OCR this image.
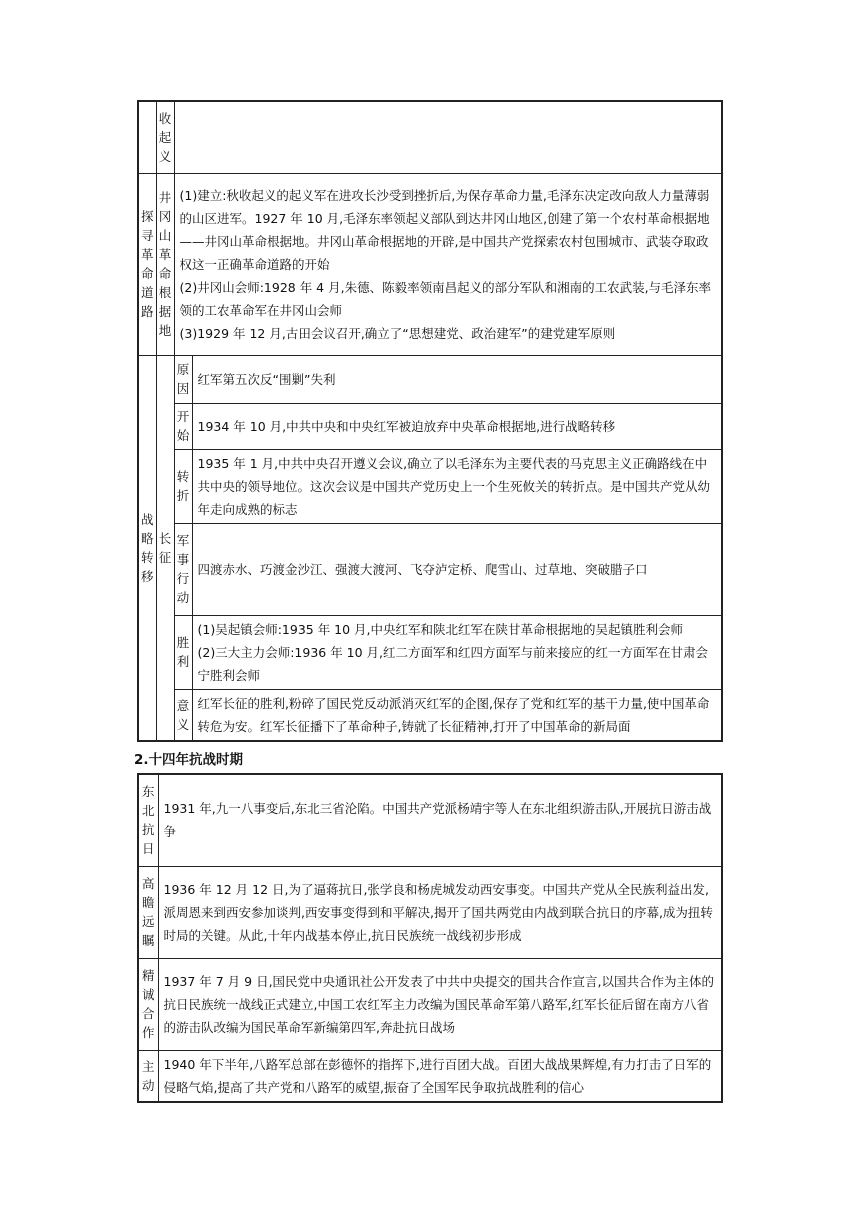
	收起义		
探寻革命道路	井冈山革命根据地	(1)建立:秋收起义的起义军在进攻长沙受到挫折后,为保存革命力量,毛泽东决定改向敌人力量薄弱的山区进军。1927 年 10 月,毛泽东率领起义部队到达井冈山地区,创建了第一个农村革命根据地——井冈山革命根据地。井冈山革命根据地的开辟,是中国共产党探索农村包围城市、武装夺取政权这一正确革命道路的开始
(2)井冈山会师:1928 年 4 月,朱德、陈毅率领南昌起义的部分军队和湘南的工农武装,与毛泽东率领的工农革命军在井冈山会师
(3)1929 年 12 月,古田会议召开,确立了“思想建党、政治建军”的建党建军原则	

战略转移	长征	原因	红军第五次反“围剿”失利
		开始	1934 年 10 月,中共中央和中央红军被迫放弃中央革命根据地,进行战略转移
		转折	1935 年 1 月,中共中央召开遵义会议,确立了以毛泽东为主要代表的马克思主义正确路线在中共中央的领导地位。这次会议是中国共产党历史上一个生死攸关的转折点。是中国共产党从幼年走向成熟的标志
		军事行动	四渡赤水、巧渡金沙江、强渡大渡河、飞夺泸定桥、爬雪山、过草地、突破腊子口
		胜利	(1)吴起镇会师:1935 年 10 月,中央红军和陕北红军在陕甘革命根据地的吴起镇胜利会师
(2)三大主力会师:1936 年 10 月,红二方面军和红四方面军与前来接应的红一方面军在甘肃会宁胜利会师

		意义	红军长征的胜利,粉碎了国民党反动派消灭红军的企图,保存了党和红军的基干力量,使中国革命转危为安。红军长征播下了革命种子,铸就了长征精神,打开了中国革命的新局面
2.十四年抗战时期
东北抗日	1931 年,九一八事变后,东北三省沦陷。中国共产党派杨靖宇等人在东北组织游击队,开展抗日游击战争
高瞻远瞩	1936 年 12 月 12 日,为了逼蒋抗日,张学良和杨虎城发动西安事变。中国共产党从全民族利益出发,派周恩来到西安参加谈判,西安事变得到和平解决,揭开了国共两党由内战到联合抗日的序幕,成为扭转时局的关键。从此,十年内战基本停止,抗日民族统一战线初步形成
精诚合作	1937 年 7 月 9 日,国民党中央通讯社公开发表了中共中央提交的国共合作宣言,以国共合作为主体的抗日民族统一战线正式建立,中国工农红军主力改编为国民革命军第八路军,红军长征后留在南方八省的游击队改编为国民革命军新编第四军,奔赴抗日战场
主动	1940 年下半年,八路军总部在彭德怀的指挥下,进行百团大战。百团大战战果辉煌,有力打击了日军的侵略气焰,提高了共产党和八路军的威望,振奋了全国军民争取抗战胜利的信心
